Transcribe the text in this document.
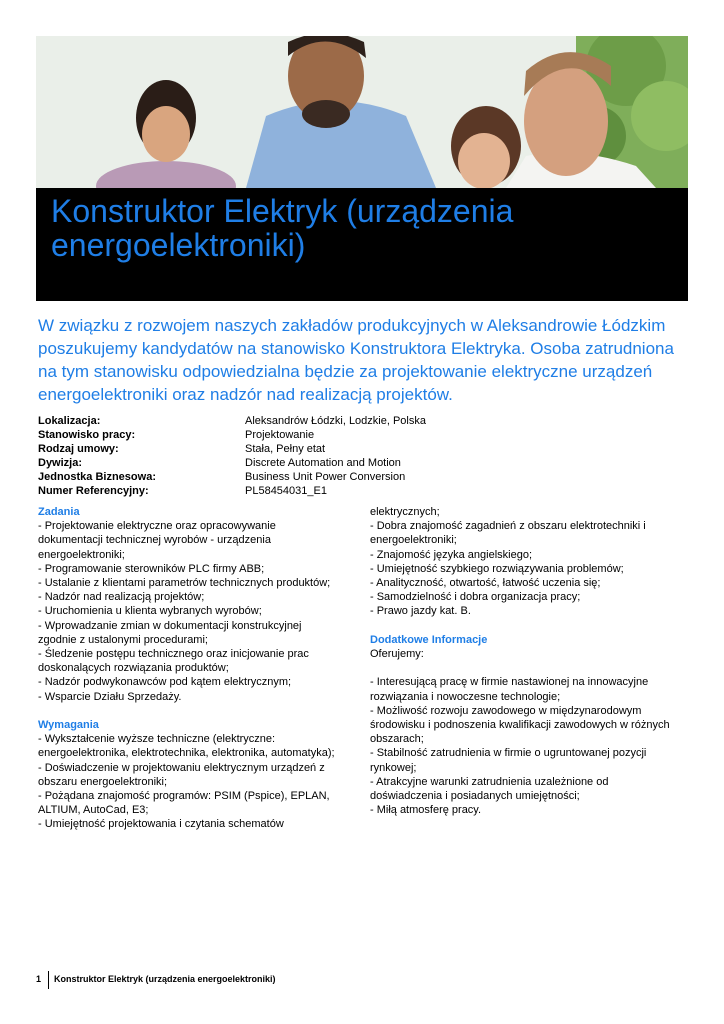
Konstruktor Elektryk (urządzenia energoelektroniki)

W związku z rozwojem naszych zakładów produkcyjnych w Aleksandrowie Łódzkim poszukujemy kandydatów na stanowisko Konstruktora Elektryka. Osoba zatrudniona na tym stanowisku odpowiedzialna będzie za projektowanie elektryczne urządzeń energoelektroniki oraz nadzór nad realizacją projektów.

Lokalizacja:	Aleksandrów Łódzki, Lodzkie, Polska
Stanowisko pracy:	Projektowanie
Rodzaj umowy:	Stała, Pełny etat
Dywizja:	Discrete Automation and Motion
Jednostka Biznesowa:	Business Unit Power Conversion
Numer Referencyjny:	PL58454031_E1
Zadania

- Projektowanie elektryczne oraz opracowywanie

dokumentacji technicznej wyrobów - urządzenia

energoelektroniki;

- Programowanie sterowników PLC firmy ABB;

- Ustalanie z klientami parametrów technicznych produktów;

- Nadzór nad realizacją projektów;

- Uruchomienia u klienta wybranych wyrobów;

- Wprowadzanie zmian w dokumentacji konstrukcyjnej

zgodnie z ustalonymi procedurami;

- Śledzenie postępu technicznego oraz inicjowanie prac

doskonalących rozwiązania produktów;

- Nadzór podwykonawców pod kątem elektrycznym;

- Wsparcie Działu Sprzedaży.

Wymagania

- Wykształcenie wyższe techniczne (elektryczne:

energoelektronika, elektrotechnika, elektronika, automatyka);

- Doświadczenie w projektowaniu elektrycznym urządzeń z

obszaru energoelektroniki;

- Pożądana znajomość programów: PSIM (Pspice), EPLAN,

ALTIUM, AutoCad, E3;

- Umiejętność projektowania i czytania schematów

elektrycznych;

- Dobra znajomość zagadnień z obszaru elektrotechniki i

energoelektroniki;

- Znajomość języka angielskiego;

- Umiejętność szybkiego rozwiązywania problemów;

- Analityczność, otwartość, łatwość uczenia się;

- Samodzielność i dobra organizacja pracy;

- Prawo jazdy kat. B.

Dodatkowe Informacje

Oferujemy:

- Interesującą pracę w firmie nastawionej na innowacyjne

rozwiązania i nowoczesne technologie;

- Możliwość rozwoju zawodowego w międzynarodowym

środowisku i podnoszenia kwalifikacji zawodowych w różnych

obszarach;

- Stabilność zatrudnienia w firmie o ugruntowanej pozycji

rynkowej;

- Atrakcyjne warunki zatrudnienia uzależnione od

doświadczenia i posiadanych umiejętności;

- Miłą atmosferę pracy.

1 Konstruktor Elektryk (urządzenia energoelektroniki)
